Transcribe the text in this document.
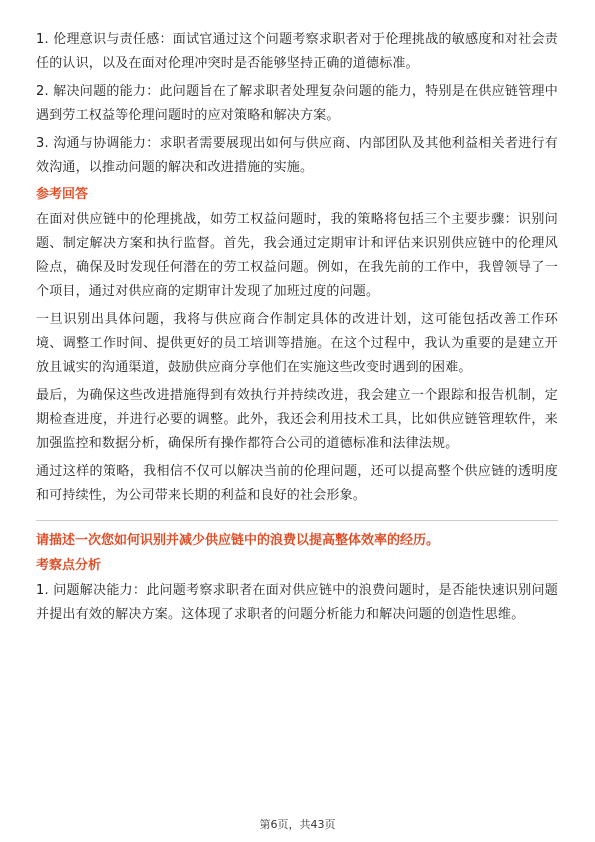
1. 伦理意识与责任感：面试官通过这个问题考察求职者对于伦理挑战的敏感度和对社会责任的认识，以及在面对伦理冲突时是否能够坚持正确的道德标准。

2. 解决问题的能力：此问题旨在了解求职者处理复杂问题的能力，特别是在供应链管理中遇到劳工权益等伦理问题时的应对策略和解决方案。

3. 沟通与协调能力：求职者需要展现出如何与供应商、内部团队及其他利益相关者进行有效沟通，以推动问题的解决和改进措施的实施。

参考回答

在面对供应链中的伦理挑战，如劳工权益问题时，我的策略将包括三个主要步骤：识别问题、制定解决方案和执行监督。首先，我会通过定期审计和评估来识别供应链中的伦理风险点，确保及时发现任何潜在的劳工权益问题。例如，在我先前的工作中，我曾领导了一个项目，通过对供应商的定期审计发现了加班过度的问题。

一旦识别出具体问题，我将与供应商合作制定具体的改进计划，这可能包括改善工作环境、调整工作时间、提供更好的员工培训等措施。在这个过程中，我认为重要的是建立开放且诚实的沟通渠道，鼓励供应商分享他们在实施这些改变时遇到的困难。

最后，为确保这些改进措施得到有效执行并持续改进，我会建立一个跟踪和报告机制，定期检查进度，并进行必要的调整。此外，我还会利用技术工具，比如供应链管理软件，来加强监控和数据分析，确保所有操作都符合公司的道德标准和法律法规。

通过这样的策略，我相信不仅可以解决当前的伦理问题，还可以提高整个供应链的透明度和可持续性，为公司带来长期的利益和良好的社会形象。

请描述一次您如何识别并减少供应链中的浪费以提高整体效率的经历。
考察点分析

1. 问题解决能力：此问题考察求职者在面对供应链中的浪费问题时，是否能快速识别问题并提出有效的解决方案。这体现了求职者的问题分析能力和解决问题的创造性思维。

第6页，共43页
